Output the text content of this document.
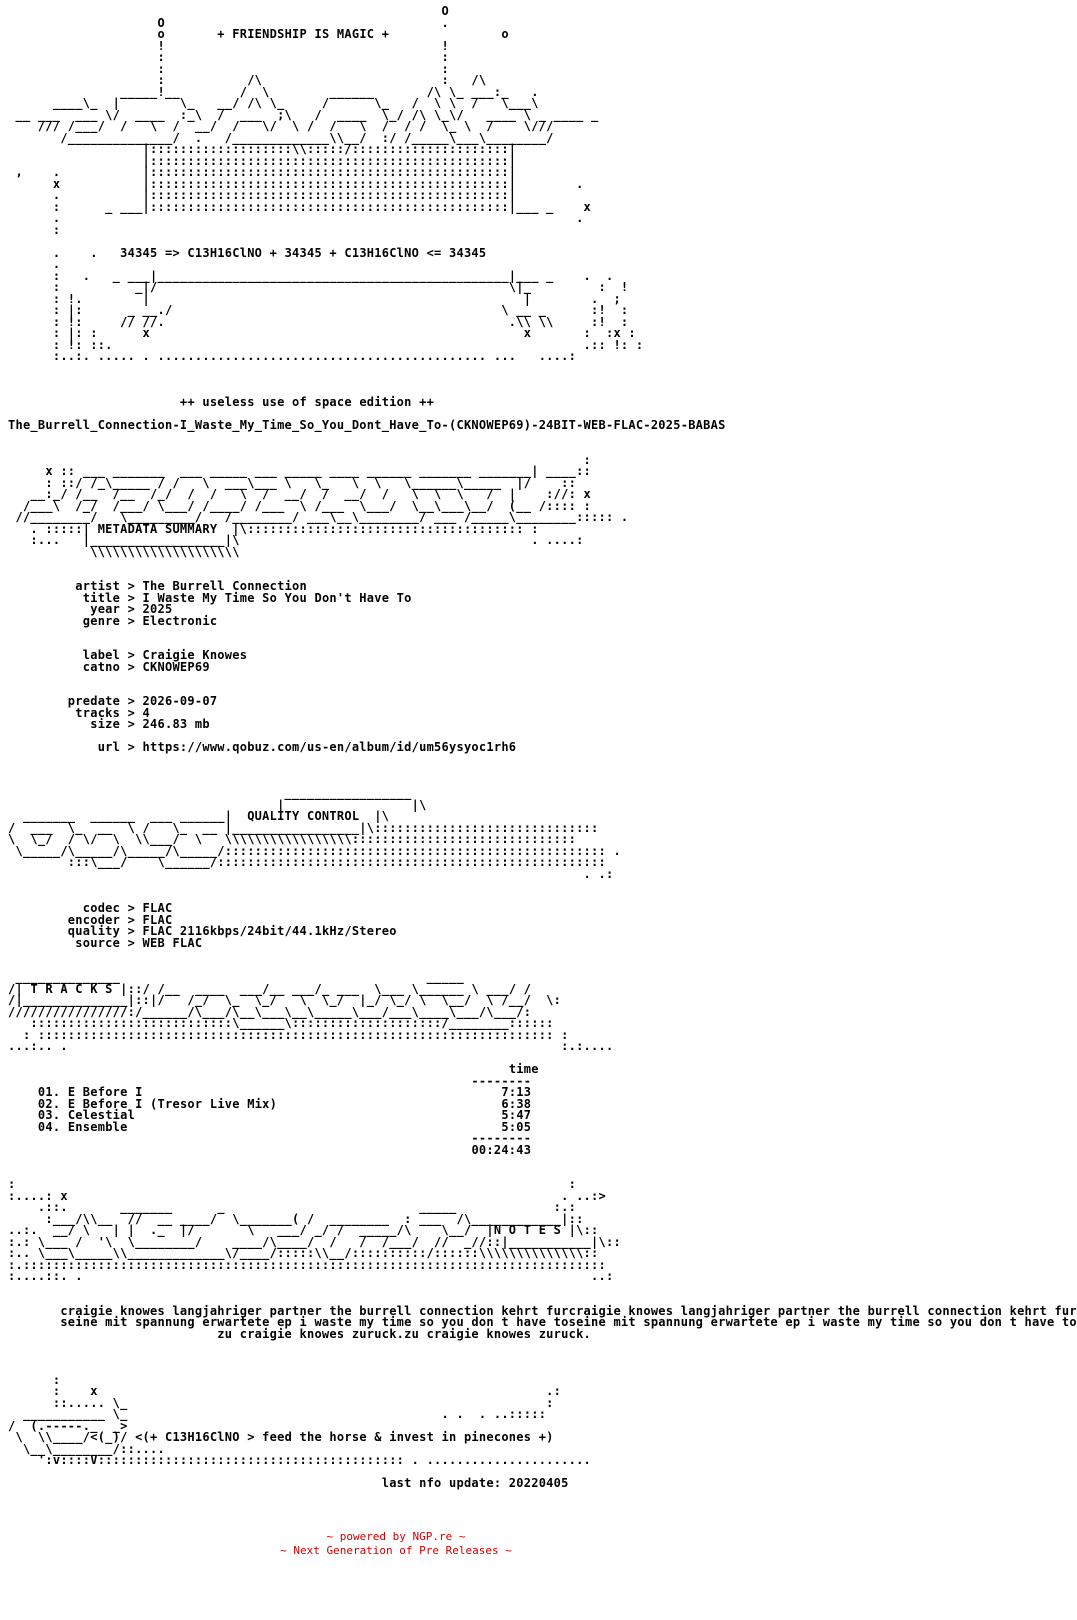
O
O                                     .
o       + FRIENDSHIP IS MAGIC +               o
!                                     !
:                                     :
:                                     :
:           /\                        :   /\
_____!__        /  \        ______       /\ \_ ___:_   .
____\_  |        \_   __/ /\ \_     /      \_   /  \ \  /   \___\
__ ___  ___ \/  ____  :_\  /  ___  ;\   /  ____  \_/ /\ \_\/   ____ \ _ ____ _
/// /___/  /   \  /  __/  /   \/  \ /  /   \  /  / /  \_ \  /    \///
/______________/  .   /_____________\\__/  :/ /_____\___\________/
|:::::::::::::::::::\\:::::/:::::::::::::::::::::|
|::::::::::::::::::::::::::::::::::::::::::::::::|
,    .           |::::::::::::::::::::::::::::::::::::::::::::::::|
x           |::::::::::::::::::::::::::::::::::::::::::::::::|        .
.           |::::::::::::::::::::::::::::::::::::::::::::::::|
:      _ ___|::::::::::::::::::::::::::::::::::::::::::::::::|___ _    x
.                                                                     .
:

.    .   34345 => C13H16ClNO + 34345 + C13H16ClNO <= 34345
.
:   .   _ ___|_______________________________________________|___ _    .  .
:          _|/                                               \|_         :  !
: !.        |                                                  |        .  ;
: |:      _ __./                                            \ __ _      :!  :
: !:     // //.                                              .\\ \\     :!  :
: |: :      x                                                  x       :  :x :
: !: ::.                                                               .:: !: :
:..:. ..... . ............................................ ...   ....:

++ useless use of space edition ++

The_Burrell_Connection-I_Waste_My_Time_So_You_Dont_Have_To-(CKNOWEP69)-24BIT-WEB-FLAC-2025-BABAS

:
x :: ___ _______  ___ _____ ___ _____ ____ ______ _______ _______| ____::
: ::/ /_\_____ / /   \  ___\___ \   \_   \  \   \______\_____  |/    ::
__:_/ /__  /__  /_/  /  /   \  /  __/  /  __/  /   \  \  \   /  |    ://: x
/___\  /_/  /___/ \___/ /____/ /___  \ /___  \___/  \__\___\__/  (__ /:::: :
//________/   \_________/   /________/ ___\__\________/ ___ /_____\________::::: .
. :::::| METADATA SUMMARY  |\::::::::::::::::::::::::::::::::::::: :
:...   |__________________|\                                       . ....:
\\\\\\\\\\\\\\\\\\\\

artist > The Burrell Connection
title > I Waste My Time So You Don't Have To
year > 2025
genre > Electronic

label > Craigie Knowes
catno > CKNOWEP69

predate > 2026-09-07
tracks > 4
size > 246.83 mb

url > https://www.qobuz.com/us-en/album/id/um56ysyoc1rh6

_________________
|                 |\
_______  ______  ___ ______|  QUALITY CONTROL  |\
/  ___  \_  __  \ /   \_  __ |_________________|\::::::::::::::::::::::::::::::
\  \_/  / \/  \  \\___/  \   \\\\\\\\\\\\\\\\\::::::::::::::::::::::::::::::
\_____/\_____/\_____/\_____/::::::::::::::::::::::::::::::::::::::::::::::::::: .
:::\___/    \______/::::::::::::::::::::::::::::::::::::::::::::::::::::
. .:

codec > FLAC
encoder > FLAC
quality > FLAC 2116kbps/24bit/44.1kHz/Stereo
source > WEB FLAC

______________                                         _____
/| T R A C K S |::/ /__  ____  ___/__ ___/_ ___  \___ \______ \ ___/ /
/|______________|::|/   /_/  \_  \_/   \  \_/  |_/ \_/ \  \__/  \ /__/  \:
////////////////:/______/\___/\__\___\__\_____\___/___\____\___/\___/:
:::::::::::::::::::::::::::\______\::::::::::::::::::::/________::::::
: ::::::::::::::::::::::::::::::::::::::::::::::::::::::::::::::::::::: :
...:.. .                                                                  :.:....

time
--------
01. E Before I	7:13
02. E Before I (Tresor Live Mix)	6:38
03. Celestial	5:47
04. Ensemble	5:05
--------
00:24:43

:                                                                          :
:....: x                                                                  . ..:>
.::.       _______      _                          _____             :.:
:___/\\__  //  __ ____/  \_______( /  ________  : ___  /\____________|::
..:.  __/ \   | |  ._  |/       \   ___/ _/ /  _____/\    \__/  |N O T E S |\::
:.: \___ /  '\  \________/    ____/\____/  /   /  /___/  //  _//::|___________|\::
:.. \___\_____\\_____________\/____/:::::\\__/::::::::::/::::::\\\\\\\\\\\\\\::
:.::::::::::::::::::::::::::::::::::::::::::::::::::::::::::::::::::::::::::::::
:....::. .                                                                    ..:

craigie knowes langjahriger partner the burrell connection kehrt furcraigie knowes langjahriger partner the burrell connection kehrt fur
seine mit spannung erwartete ep i waste my time so you don t have toseine mit spannung erwartete ep i waste my time so you don t have to
zu craigie knowes zuruck.zu craigie knowes zuruck.

:
:    x                                                            .:
::..... \_                                                        :
___________ \_                                          . .  . ..:::::
/  (.-----._  _>
\  \\____/<(_)/ <(+ C13H16ClNO > feed the horse & invest in pinecones +)
\__\________/::....
':v::::V::::::::::::::::::::::::::::::::::::::::: . ......................

last nfo update: 20220405
~ powered by NGP.re ~
~ Next Generation of Pre Releases ~
